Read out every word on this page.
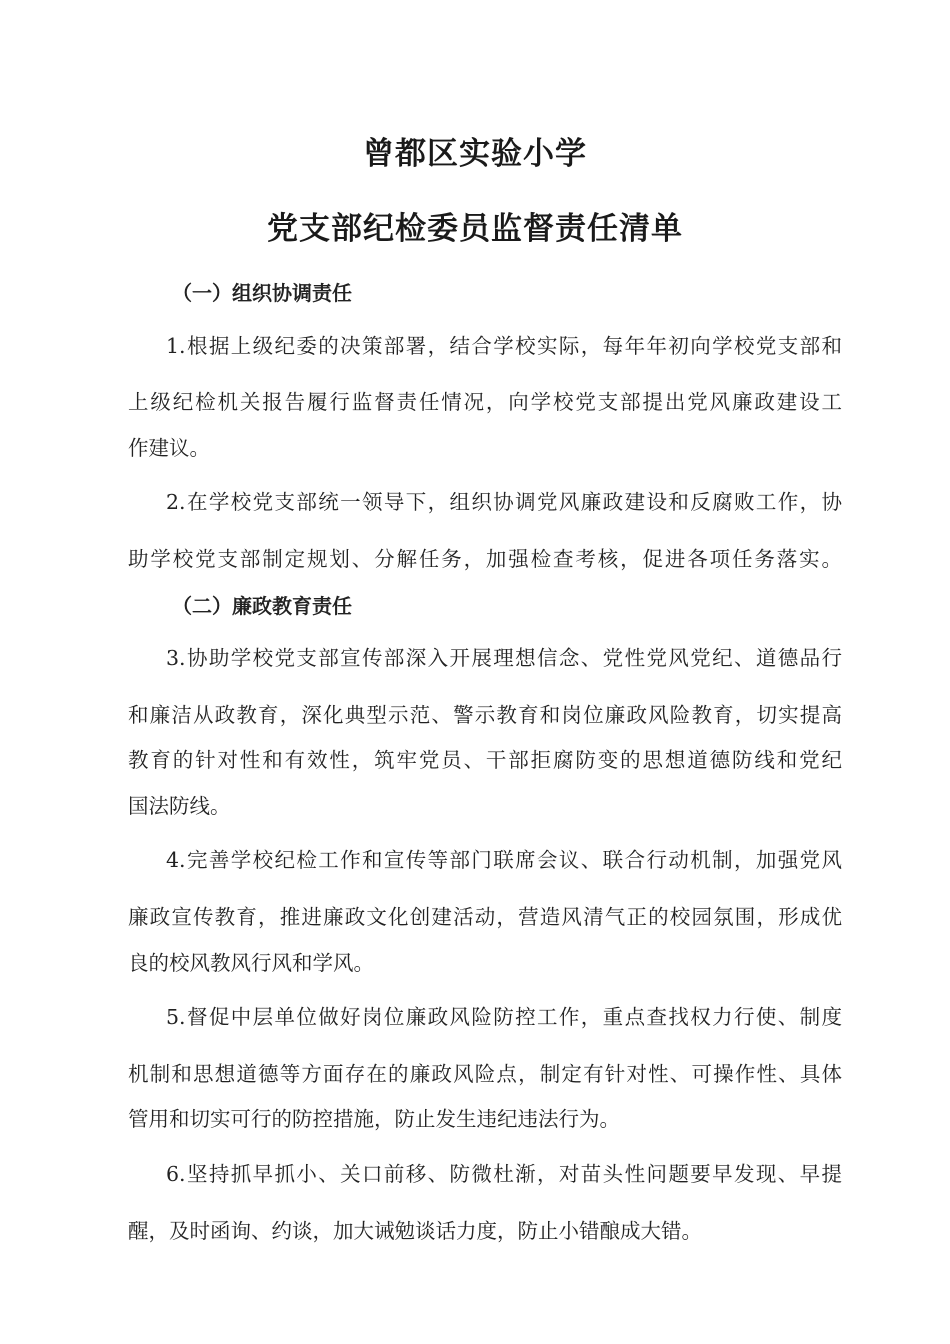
曾都区实验小学
党支部纪检委员监督责任清单
（一）组织协调责任
1.根据上级纪委的决策部署，结合学校实际，每年年初向学校党支部和
上级纪检机关报告履行监督责任情况，向学校党支部提出党风廉政建设工
作建议。
2.在学校党支部统一领导下，组织协调党风廉政建设和反腐败工作，协
助学校党支部制定规划、分解任务，加强检查考核，促进各项任务落实。
（二）廉政教育责任
3.协助学校党支部宣传部深入开展理想信念、党性党风党纪、道德品行
和廉洁从政教育，深化典型示范、警示教育和岗位廉政风险教育，切实提高
教育的针对性和有效性，筑牢党员、干部拒腐防变的思想道德防线和党纪
国法防线。
4.完善学校纪检工作和宣传等部门联席会议、联合行动机制，加强党风
廉政宣传教育，推进廉政文化创建活动，营造风清气正的校园氛围，形成优
良的校风教风行风和学风。
5.督促中层单位做好岗位廉政风险防控工作，重点查找权力行使、制度
机制和思想道德等方面存在的廉政风险点，制定有针对性、可操作性、具体
管用和切实可行的防控措施，防止发生违纪违法行为。
6.坚持抓早抓小、关口前移、防微杜渐，对苗头性问题要早发现、早提
醒，及时函询、约谈，加大诫勉谈话力度，防止小错酿成大错。
